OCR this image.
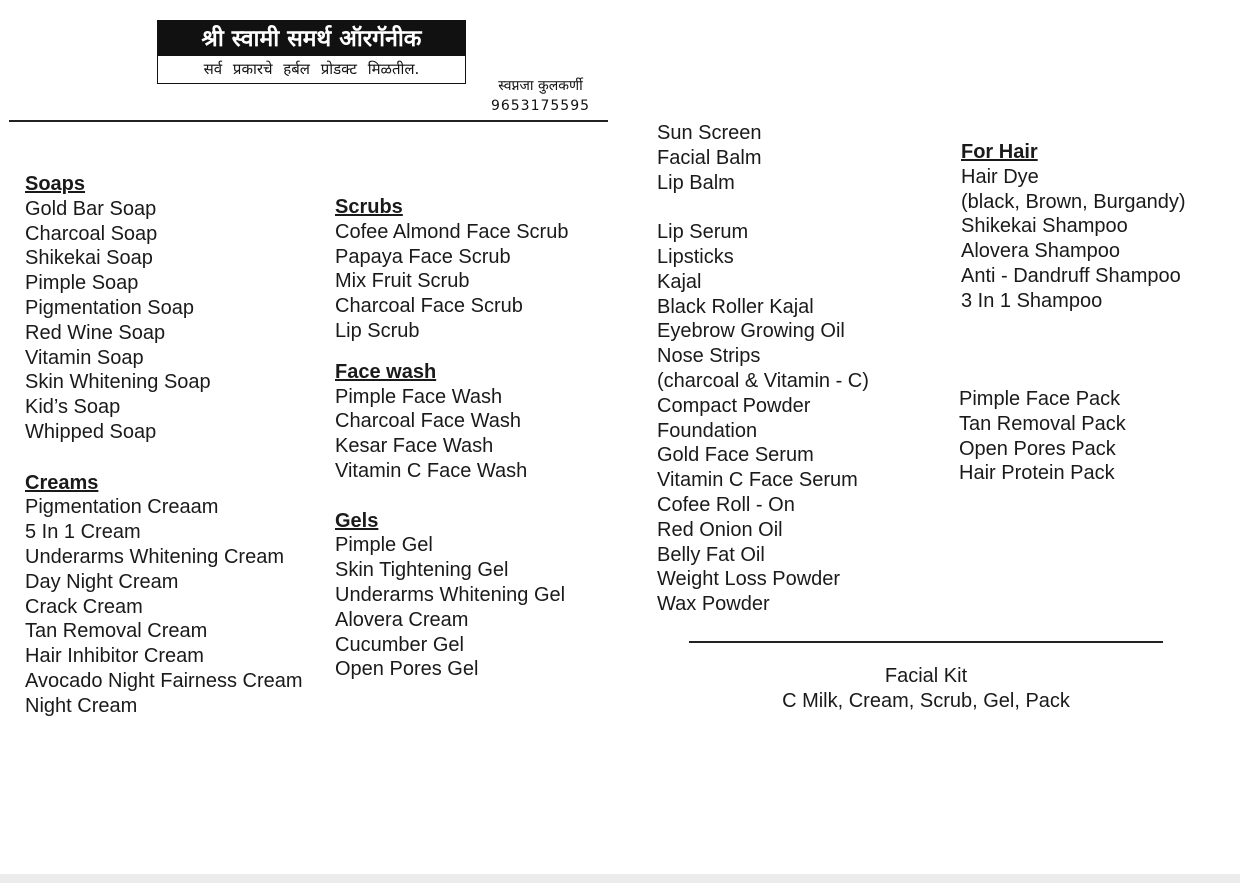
श्री स्वामी समर्थ ऑरगॅनीक
सर्व प्रकारचे हर्बल प्रोडक्ट मिळतील.
स्वप्नजा कुलकर्णी
9653175595
Soaps
Gold Bar Soap
Charcoal Soap
Shikekai Soap
Pimple Soap
Pigmentation Soap
Red Wine Soap
Vitamin Soap
Skin Whitening Soap
Kid’s Soap
Whipped Soap
Creams
Pigmentation Creaam
5 In 1 Cream
Underarms Whitening Cream
Day Night Cream
Crack Cream
Tan Removal Cream
Hair Inhibitor Cream
Avocado Night Fairness Cream
Night Cream
Scrubs
Cofee Almond Face Scrub
Papaya Face Scrub
Mix Fruit Scrub
Charcoal Face Scrub
Lip Scrub
Face wash
Pimple Face Wash
Charcoal Face Wash
Kesar Face Wash
Vitamin C Face Wash
Gels
Pimple Gel
Skin Tightening Gel
Underarms Whitening Gel
Alovera Cream
Cucumber Gel
Open Pores Gel
Sun Screen
Facial Balm
Lip Balm
Lip Serum
Lipsticks
Kajal
Black Roller Kajal
Eyebrow Growing Oil
Nose Strips
(charcoal & Vitamin - C)
Compact Powder
Foundation
Gold Face Serum
Vitamin C Face Serum
Cofee Roll - On
Red Onion Oil
Belly Fat Oil
Weight Loss Powder
Wax Powder
For Hair
Hair Dye
(black, Brown, Burgandy)
Shikekai Shampoo
Alovera Shampoo
Anti - Dandruff Shampoo
3 In 1 Shampoo
Pimple Face Pack
Tan Removal Pack
Open Pores Pack
Hair Protein Pack
Facial Kit
C Milk, Cream, Scrub, Gel, Pack
